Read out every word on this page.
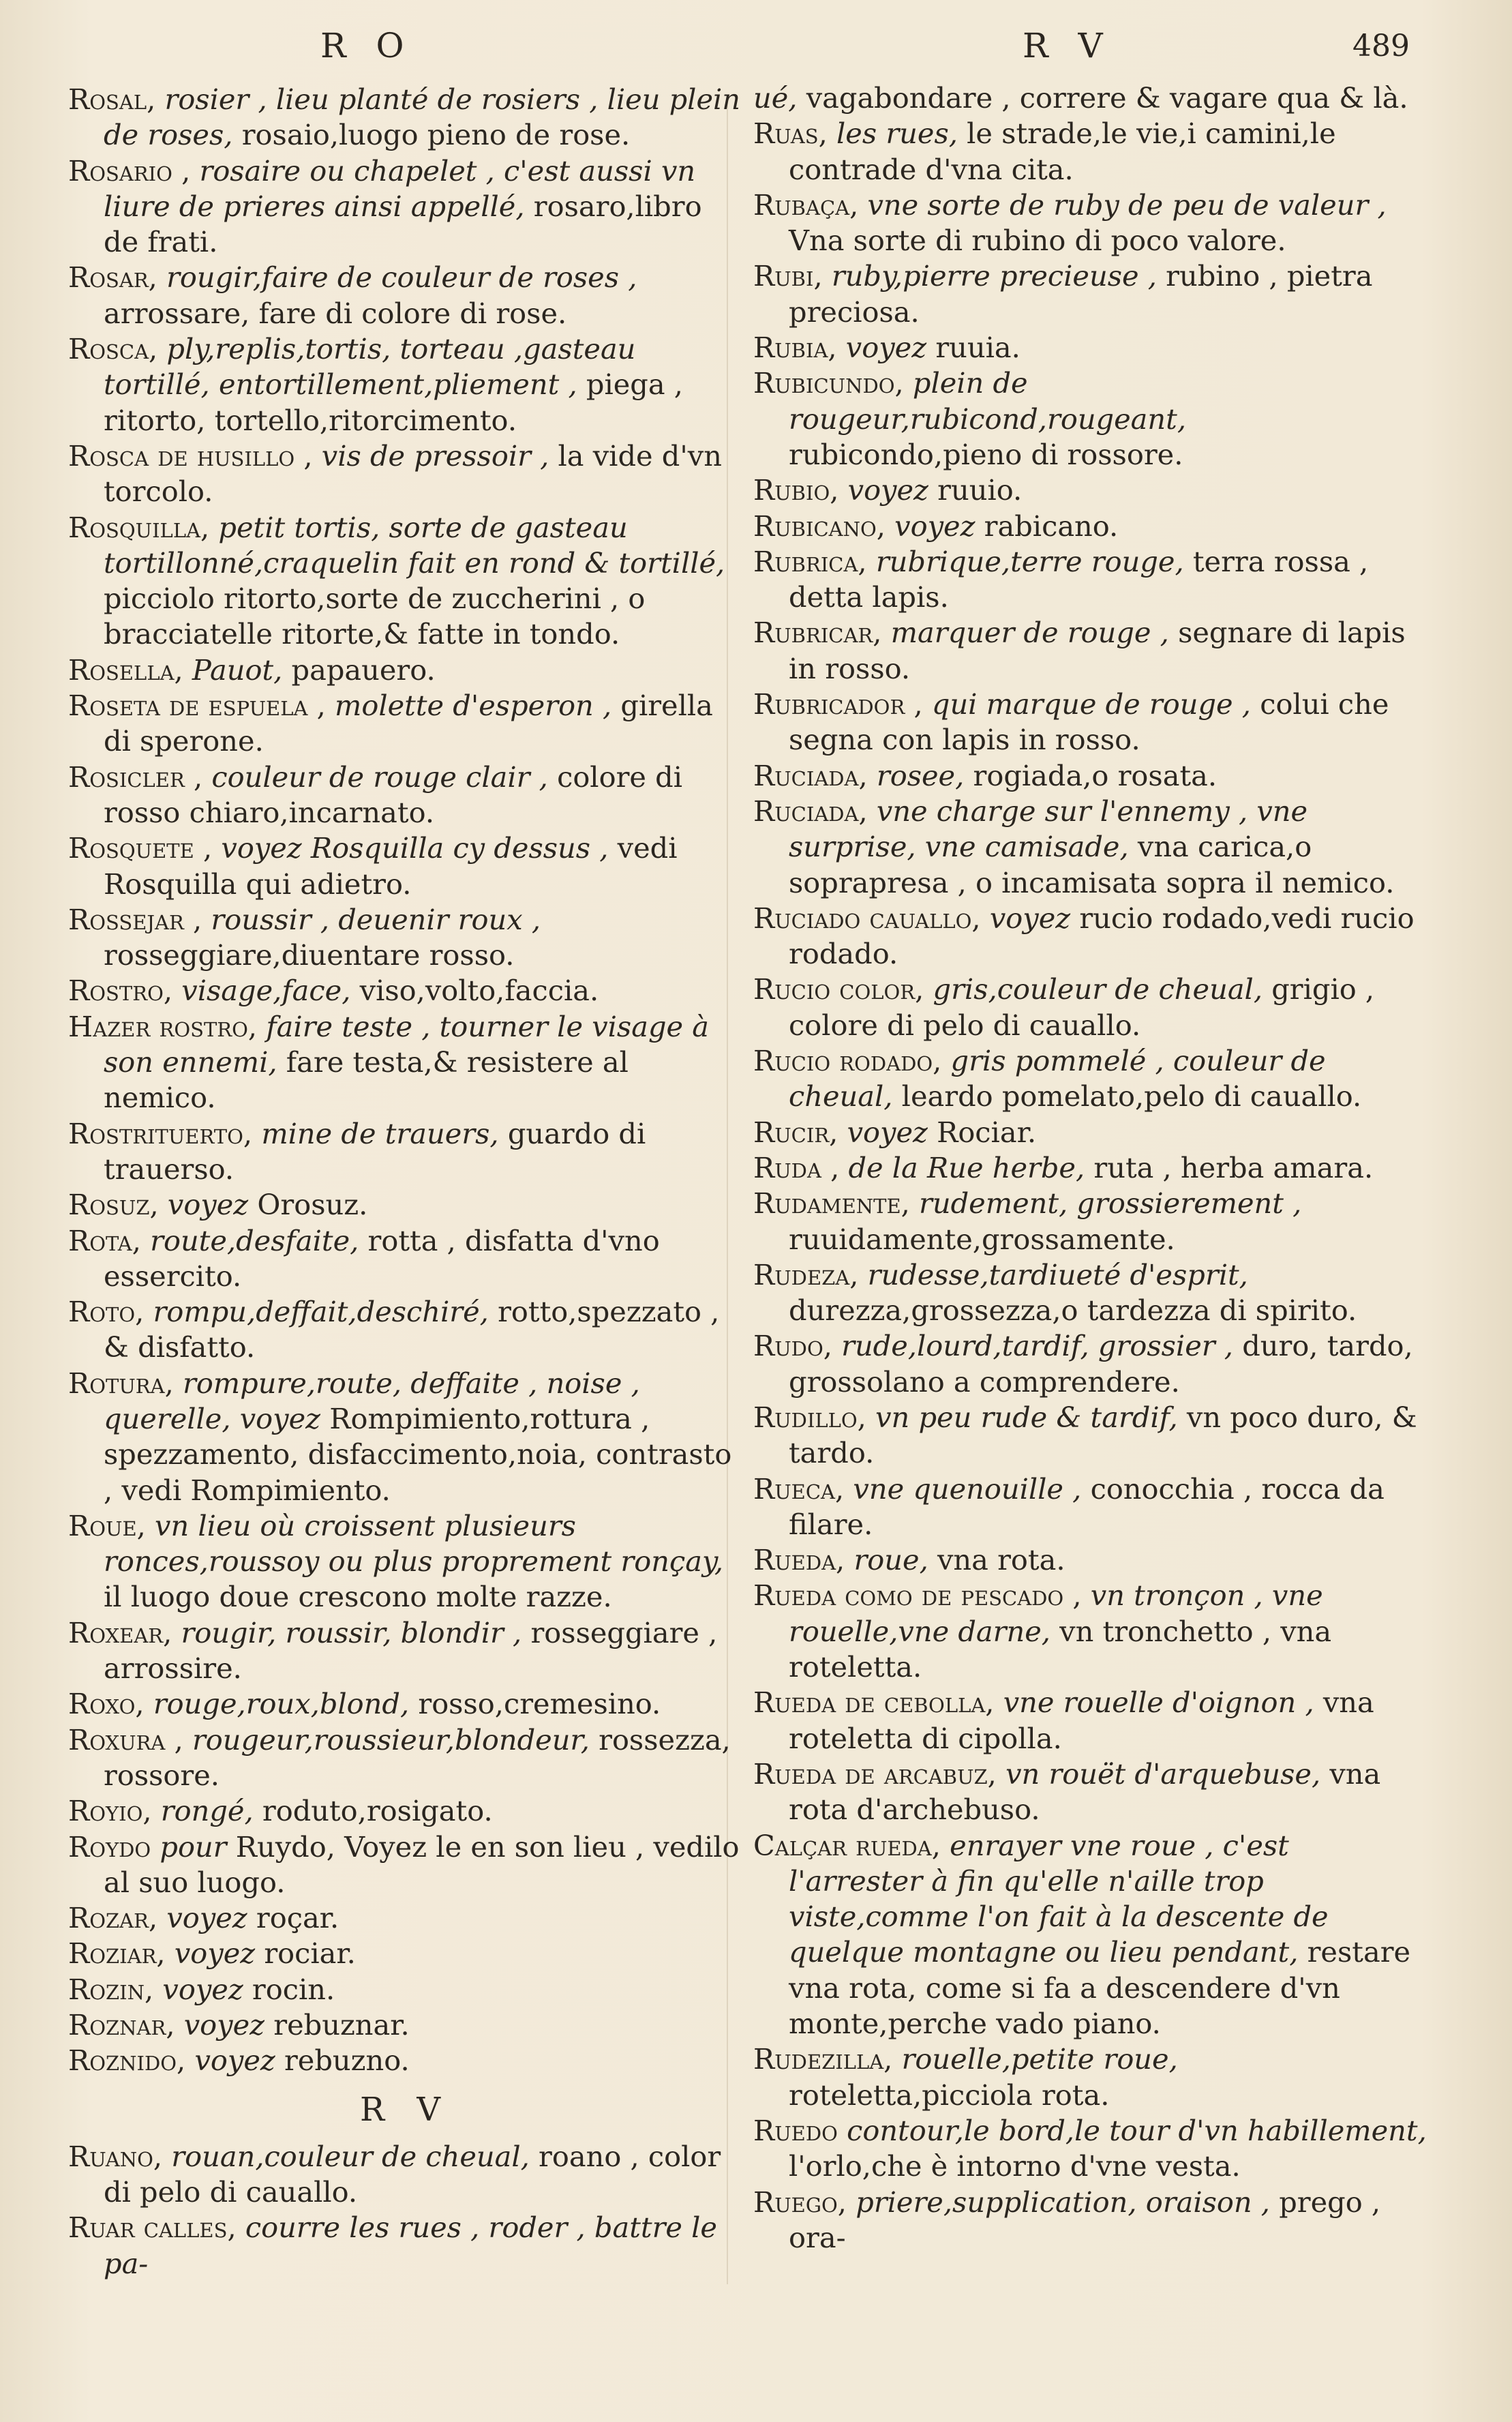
R O	R V	489
Rosal, rosier , lieu planté de rosiers , lieu plein de roses, rosaio,luogo pieno de rose.
Rosario , rosaire ou chapelet , c'est aussi vn liure de prieres ainsi appellé, rosaro,libro de frati.
Rosar, rougir,faire de couleur de roses , arrossare, fare di colore di rose.
Rosca, ply,replis,tortis, torteau ,gasteau tortillé, entortillement,pliement , piega , ritorto, tortello,ritorcimento.
Rosca de husillo , vis de pressoir , la vide d'vn torcolo.
Rosquilla, petit tortis, sorte de gasteau tortillonné,craquelin fait en rond & tortillé, picciolo ritorto,sorte de zuccherini , o bracciatelle ritorte,& fatte in tondo.
Rosella, Pauot, papauero.
Roseta de espuela , molette d'esperon , girella di sperone.
Rosicler , couleur de rouge clair , colore di rosso chiaro,incarnato.
Rosquete , voyez Rosquilla cy dessus , vedi Rosquilla qui adietro.
Rossejar , roussir , deuenir roux , rosseggiare,diuentare rosso.
Rostro, visage,face, viso,volto,faccia.
Hazer rostro, faire teste , tourner le visage à son ennemi, fare testa,& resistere al nemico.
Rostrituerto, mine de trauers, guardo di trauerso.
Rosuz, voyez Orosuz.
Rota, route,desfaite, rotta , disfatta d'vno essercito.
Roto, rompu,deffait,deschiré, rotto,spezzato , & disfatto.
Rotura, rompure,route, deffaite , noise , querelle, voyez Rompimiento,rottura , spezzamento, disfaccimento,noia, contrasto , vedi Rompimiento.
Roue, vn lieu où croissent plusieurs ronces,roussoy ou plus proprement ronçay, il luogo doue crescono molte razze.
Roxear, rougir, roussir, blondir , rosseggiare , arrossire.
Roxo, rouge,roux,blond, rosso,cremesino.
Roxura , rougeur,roussieur,blondeur, rossezza, rossore.
Royio, rongé, roduto,rosigato.
Roydo pour Ruydo, Voyez le en son lieu , vedilo al suo luogo.
Rozar, voyez roçar.
Roziar, voyez rociar.
Rozin, voyez rocin.
Roznar, voyez rebuznar.
Roznido, voyez rebuzno.
R V
Ruano, rouan,couleur de cheual, roano , color di pelo di cauallo.
Ruar calles, courre les rues , roder , battre le pa-
ué, vagabondare , correre & vagare qua & là.
Ruas, les rues, le strade,le vie,i camini,le contrade d'vna cita.
Rubaça, vne sorte de ruby de peu de valeur , Vna sorte di rubino di poco valore.
Rubi, ruby,pierre precieuse , rubino , pietra preciosa.
Rubia, voyez ruuia.
Rubicundo, plein de rougeur,rubicond,rougeant, rubicondo,pieno di rossore.
Rubio, voyez ruuio.
Rubicano, voyez rabicano.
Rubrica, rubrique,terre rouge, terra rossa , detta lapis.
Rubricar, marquer de rouge , segnare di lapis in rosso.
Rubricador , qui marque de rouge , colui che segna con lapis in rosso.
Ruciada, rosee, rogiada,o rosata.
Ruciada, vne charge sur l'ennemy , vne surprise, vne camisade, vna carica,o soprapresa , o incamisata sopra il nemico.
Ruciado cauallo, voyez rucio rodado,vedi rucio rodado.
Rucio color, gris,couleur de cheual, grigio , colore di pelo di cauallo.
Rucio rodado, gris pommelé , couleur de cheual, leardo pomelato,pelo di cauallo.
Rucir, voyez Rociar.
Ruda , de la Rue herbe, ruta , herba amara.
Rudamente, rudement, grossierement , ruuidamente,grossamente.
Rudeza, rudesse,tardiueté d'esprit, durezza,grossezza,o tardezza di spirito.
Rudo, rude,lourd,tardif, grossier , duro, tardo, grossolano a comprendere.
Rudillo, vn peu rude & tardif, vn poco duro, & tardo.
Rueca, vne quenouille , conocchia , rocca da filare.
Rueda, roue, vna rota.
Rueda como de pescado , vn tronçon , vne rouelle,vne darne, vn tronchetto , vna roteletta.
Rueda de cebolla, vne rouelle d'oignon , vna roteletta di cipolla.
Rueda de arcabuz, vn rouët d'arquebuse, vna rota d'archebuso.
Calçar rueda, enrayer vne roue , c'est l'arrester à fin qu'elle n'aille trop viste,comme l'on fait à la descente de quelque montagne ou lieu pendant, restare vna rota, come si fa a descendere d'vn monte,perche vado piano.
Rudezilla, rouelle,petite roue, roteletta,picciola rota.
Ruedo contour,le bord,le tour d'vn habillement, l'orlo,che è intorno d'vne vesta.
Ruego, priere,supplication, oraison , prego , ora-
